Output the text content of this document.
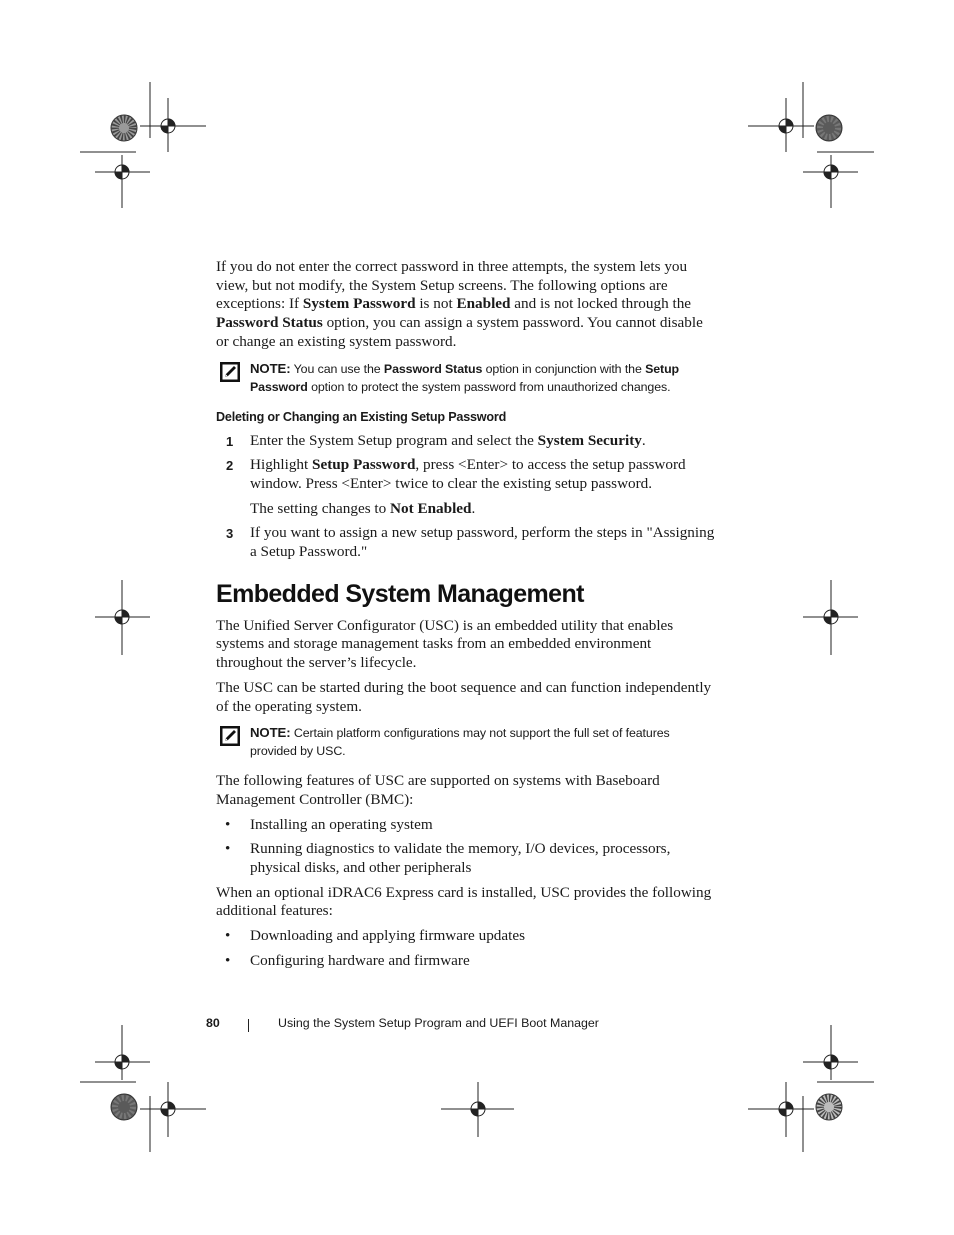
If you do not enter the correct password in three attempts, the system lets you view, but not modify, the System Setup screens. The following options are exceptions: If System Password is not Enabled and is not locked through the Password Status option, you can assign a system password. You cannot disable or change an existing system password.

NOTE: You can use the Password Status option in conjunction with the Setup Password option to protect the system password from unauthorized changes.
Deleting or Changing an Existing Setup Password
1 Enter the System Setup program and select the System Security.
2 Highlight Setup Password, press <Enter> to access the setup password window. Press <Enter> twice to clear the existing setup password.
The setting changes to Not Enabled.
3 If you want to assign a new setup password, perform the steps in "Assigning a Setup Password."
Embedded System Management

The Unified Server Configurator (USC) is an embedded utility that enables systems and storage management tasks from an embedded environment throughout the server’s lifecycle.

The USC can be started during the boot sequence and can function independently of the operating system.

NOTE: Certain platform configurations may not support the full set of features provided by USC.

The following features of USC are supported on systems with Baseboard Management Controller (BMC):

• Installing an operating system
• Running diagnostics to validate the memory, I/O devices, processors, physical disks, and other peripherals

When an optional iDRAC6 Express card is installed, USC provides the following additional features:

• Downloading and applying firmware updates
• Configuring hardware and firmware
80	Using the System Setup Program and UEFI Boot Manager
